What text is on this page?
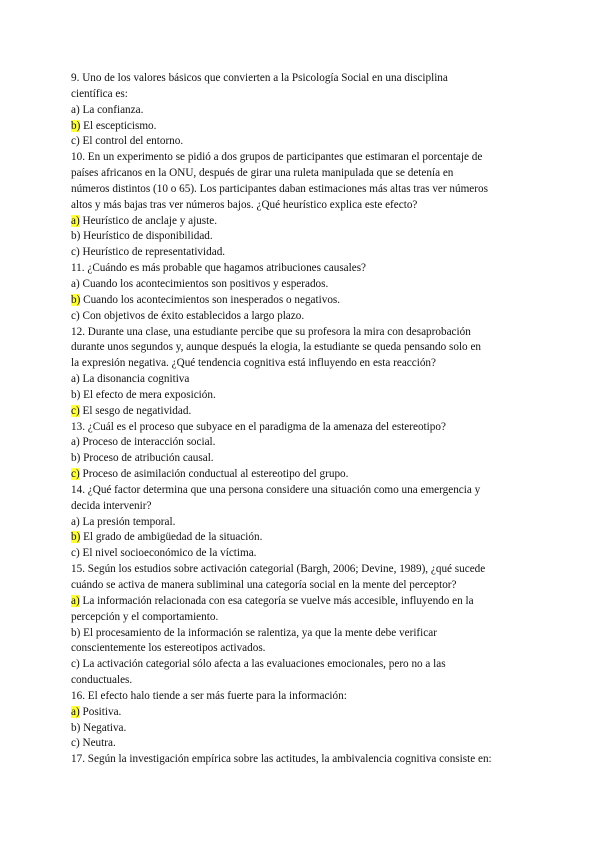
9. Uno de los valores básicos que convierten a la Psicología Social en una disciplina
científica es:
a) La confianza.
b) El escepticismo.
c) El control del entorno.
10. En un experimento se pidió a dos grupos de participantes que estimaran el porcentaje de
países africanos en la ONU, después de girar una ruleta manipulada que se detenía en
números distintos (10 o 65). Los participantes daban estimaciones más altas tras ver números
altos y más bajas tras ver números bajos. ¿Qué heurístico explica este efecto?
a) Heurístico de anclaje y ajuste.
b) Heurístico de disponibilidad.
c) Heurístico de representatividad.
11. ¿Cuándo es más probable que hagamos atribuciones causales?
a) Cuando los acontecimientos son positivos y esperados.
b) Cuando los acontecimientos son inesperados o negativos.
c) Con objetivos de éxito establecidos a largo plazo.
12. Durante una clase, una estudiante percibe que su profesora la mira con desaprobación
durante unos segundos y, aunque después la elogia, la estudiante se queda pensando solo en
la expresión negativa. ¿Qué tendencia cognitiva está influyendo en esta reacción?
a) La disonancia cognitiva
b) El efecto de mera exposición.
c) El sesgo de negatividad.
13. ¿Cuál es el proceso que subyace en el paradigma de la amenaza del estereotipo?
a) Proceso de interacción social.
b) Proceso de atribución causal.
c) Proceso de asimilación conductual al estereotipo del grupo.
14. ¿Qué factor determina que una persona considere una situación como una emergencia y
decida intervenir?
a) La presión temporal.
b) El grado de ambigüedad de la situación.
c) El nivel socioeconómico de la víctima.
15. Según los estudios sobre activación categorial (Bargh, 2006; Devine, 1989), ¿qué sucede
cuándo se activa de manera subliminal una categoría social en la mente del perceptor?
a) La información relacionada con esa categoría se vuelve más accesible, influyendo en la
percepción y el comportamiento.
b) El procesamiento de la información se ralentiza, ya que la mente debe verificar
conscientemente los estereotipos activados.
c) La activación categorial sólo afecta a las evaluaciones emocionales, pero no a las
conductuales.
16. El efecto halo tiende a ser más fuerte para la información:
a) Positiva.
b) Negativa.
c) Neutra.
17. Según la investigación empírica sobre las actitudes, la ambivalencia cognitiva consiste en:
